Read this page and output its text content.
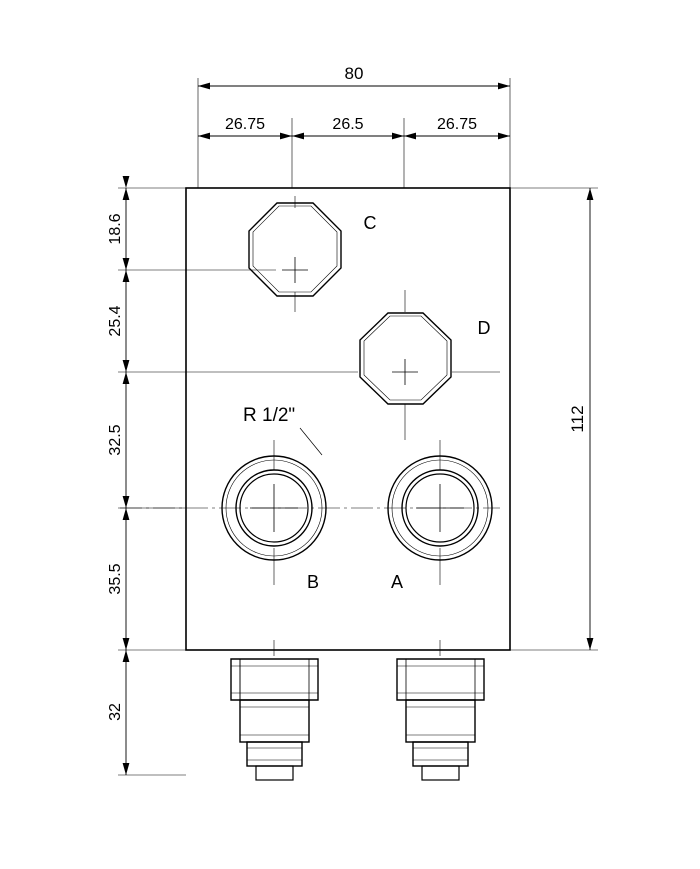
80
26.75	26.5	26.75
18.6
25.4
32.5
35.5
32
112
C
D
B	A
R 1/2"
